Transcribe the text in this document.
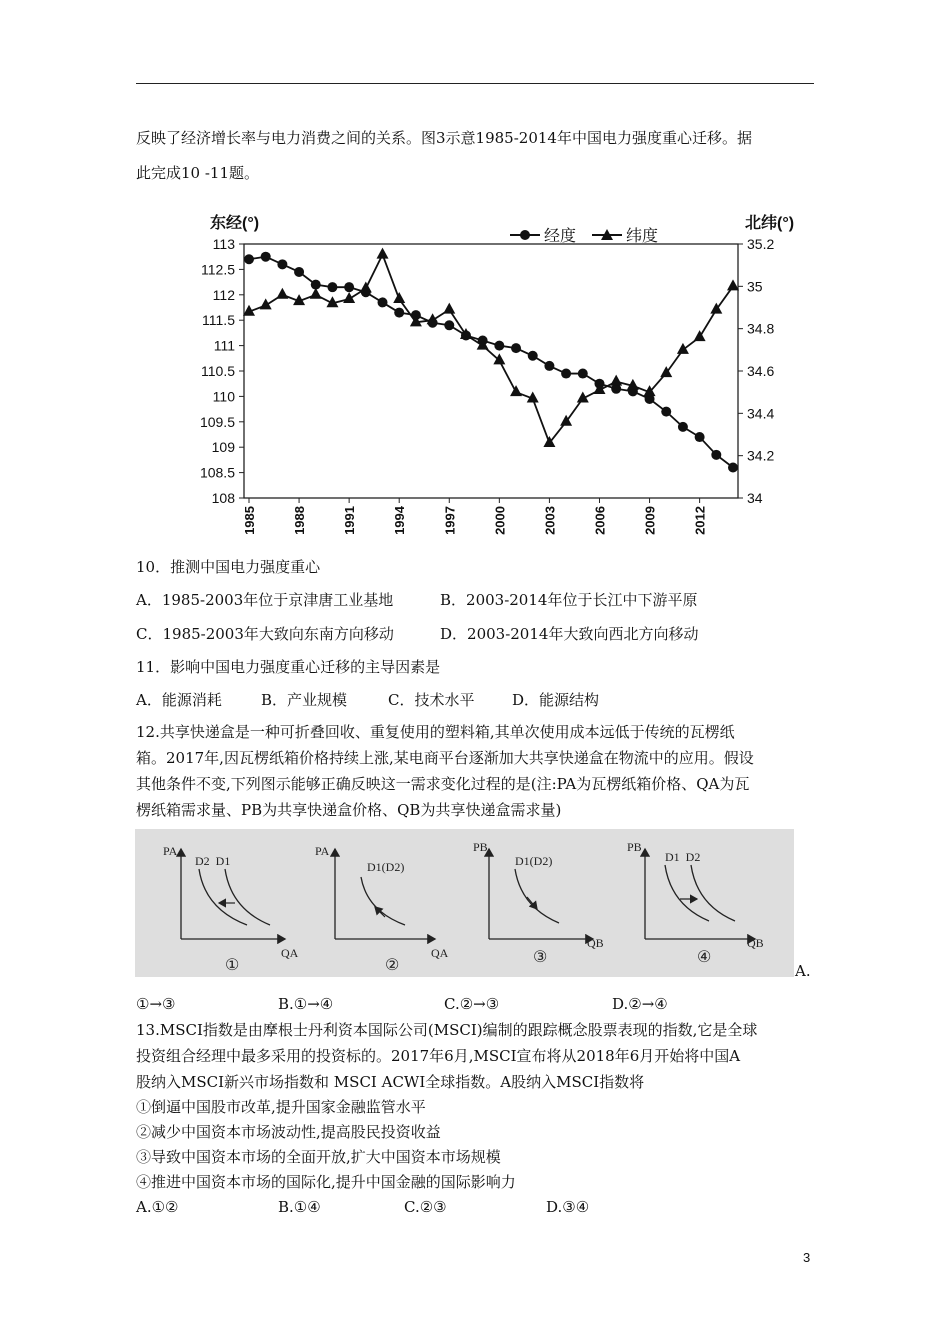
反映了经济增长率与电力消费之间的关系。图3示意1985-2014年中国电力强度重心迁移。据
此完成10 -11题。
东经(°)	北纬(°)
经度	纬度
113
112.5
112
111.5
111
110.5
110
109.5
109
108.5
108
35.2
35
34.8
34.6
34.4
34.2
34
1985	1988	1991	1994	1997	2000	2003	2006	2009	2012
10．推测中国电力强度重心
A．1985-2003年位于京津唐工业基地	B．2003-2014年位于长江中下游平原
C．1985-2003年大致向东南方向移动	D．2003-2014年大致向西北方向移动
11．影响中国电力强度重心迁移的主导因素是
A．能源消耗	B．产业规模	C．技术水平	D．能源结构
12.共享快递盒是一种可折叠回收、重复使用的塑料箱,其单次使用成本远低于传统的瓦楞纸
箱。2017年,因瓦楞纸箱价格持续上涨,某电商平台逐渐加大共享快递盒在物流中的应用。假设
其他条件不变,下列图示能够正确反映这一需求变化过程的是(注:PA为瓦楞纸箱价格、QA为瓦
楞纸箱需求量、PB为共享快递盒价格、QB为共享快递盒需求量)
PA
QA
D2  D1
①
PA
QA
D1(D2)
②
PB
QB
D1(D2)
③
PB
QB
D1  D2
④
A.
①→③	B.①→④	C.②→③	D.②→④
13.MSCI指数是由摩根士丹利资本国际公司(MSCI)编制的跟踪概念股票表现的指数,它是全球
投资组合经理中最多采用的投资标的。2017年6月,MSCI宣布将从2018年6月开始将中国A
股纳入MSCI新兴市场指数和 MSCI ACWI全球指数。A股纳入MSCI指数将
①倒逼中国股市改革,提升国家金融监管水平
②减少中国资本市场波动性,提高股民投资收益
③导致中国资本市场的全面开放,扩大中国资本市场规模
④推进中国资本市场的国际化,提升中国金融的国际影响力
A.①②	B.①④	C.②③	D.③④
3
